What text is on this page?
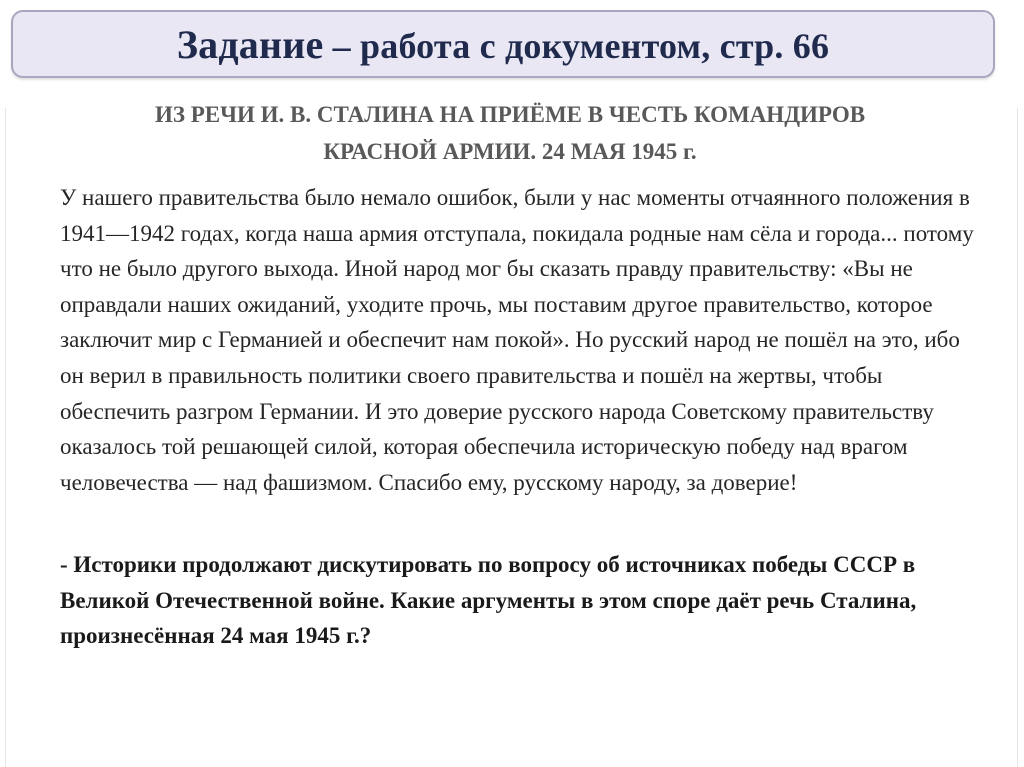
Задание – работа с документом, стр. 66
ИЗ РЕЧИ И. В. СТАЛИНА НА ПРИЁМЕ В ЧЕСТЬ КОМАНДИРОВ
КРАСНОЙ АРМИИ. 24 МАЯ 1945 г.

У нашего правительства было немало ошибок, были у нас моменты отчаянного положения в 1941—1942 годах, когда наша армия отступала, покидала родные нам сёла и города... потому что не было другого выхода. Иной народ мог бы сказать правду правительству: «Вы не оправдали наших ожиданий, уходите прочь, мы поставим другое правительство, которое заключит мир с Германией и обеспечит нам покой». Но русский народ не пошёл на это, ибо он верил в правильность политики своего правительства и пошёл на жертвы, чтобы обеспечить разгром Германии. И это доверие русского народа Советскому правительству оказалось той решающей силой, которая обеспечила историческую победу над врагом человечества — над фашизмом. Спасибо ему, русскому народу, за доверие!

- Историки продолжают дискутировать по вопросу об источниках победы СССР в Великой Отечественной войне. Какие аргументы в этом споре даёт речь Сталина, произнесённая 24 мая 1945 г.?
